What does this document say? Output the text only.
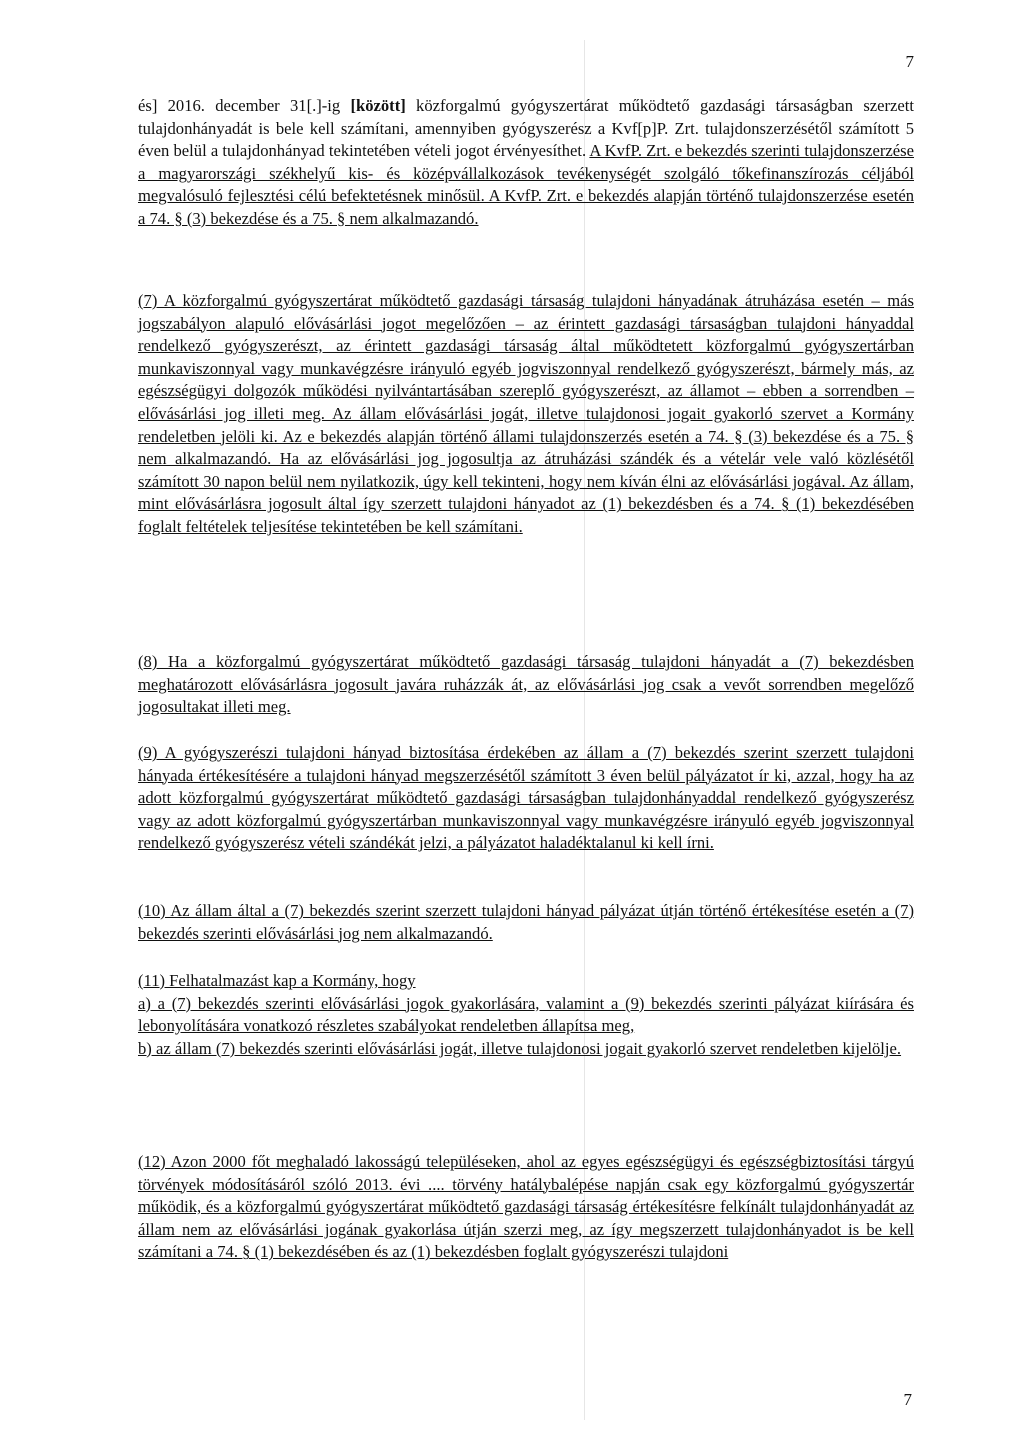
7

és] 2016. december 31[.]-ig [között] közforgalmú gyógyszertárat működtető gazdasági társaságban szerzett tulajdonhányadát is bele kell számítani, amennyiben gyógyszerész a Kvf[p]P. Zrt. tulajdonszerzésétől számított 5 éven belül a tulajdonhányad tekintetében vételi jogot érvényesíthet. A KvfP. Zrt. e bekezdés szerinti tulajdonszerzése a magyarországi székhelyű kis- és középvállalkozások tevékenységét szolgáló tőkefinanszírozás céljából megvalósuló fejlesztési célú befektetésnek minősül. A KvfP. Zrt. e bekezdés alapján történő tulajdonszerzése esetén a 74. § (3) bekezdése és a 75. § nem alkalmazandó.

(7) A közforgalmú gyógyszertárat működtető gazdasági társaság tulajdoni hányadának átruházása esetén – más jogszabályon alapuló elővásárlási jogot megelőzően – az érintett gazdasági társaságban tulajdoni hányaddal rendelkező gyógyszerészt, az érintett gazdasági társaság által működtetett közforgalmú gyógyszertárban munkaviszonnyal vagy munkavégzésre irányuló egyéb jogviszonnyal rendelkező gyógyszerészt, bármely más, az egészségügyi dolgozók működési nyilvántartásában szereplő gyógyszerészt, az államot – ebben a sorrendben – elővásárlási jog illeti meg. Az állam elővásárlási jogát, illetve tulajdonosi jogait gyakorló szervet a Kormány rendeletben jelöli ki. Az e bekezdés alapján történő állami tulajdonszerzés esetén a 74. § (3) bekezdése és a 75. § nem alkalmazandó. Ha az elővásárlási jog jogosultja az átruházási szándék és a vételár vele való közlésétől számított 30 napon belül nem nyilatkozik, úgy kell tekinteni, hogy nem kíván élni az elővásárlási jogával. Az állam, mint elővásárlásra jogosult által így szerzett tulajdoni hányadot az (1) bekezdésben és a 74. § (1) bekezdésében foglalt feltételek teljesítése tekintetében be kell számítani.

(8) Ha a közforgalmú gyógyszertárat működtető gazdasági társaság tulajdoni hányadát a (7) bekezdésben meghatározott elővásárlásra jogosult javára ruházzák át, az elővásárlási jog csak a vevőt sorrendben megelőző jogosultakat illeti meg.

(9) A gyógyszerészi tulajdoni hányad biztosítása érdekében az állam a (7) bekezdés szerint szerzett tulajdoni hányada értékesítésére a tulajdoni hányad megszerzésétől számított 3 éven belül pályázatot ír ki, azzal, hogy ha az adott közforgalmú gyógyszertárat működtető gazdasági társaságban tulajdonhányaddal rendelkező gyógyszerész vagy az adott közforgalmú gyógyszertárban munkaviszonnyal vagy munkavégzésre irányuló egyéb jogviszonnyal rendelkező gyógyszerész vételi szándékát jelzi, a pályázatot haladéktalanul ki kell írni.

(10) Az állam által a (7) bekezdés szerint szerzett tulajdoni hányad pályázat útján történő értékesítése esetén a (7) bekezdés szerinti elővásárlási jog nem alkalmazandó.

(11) Felhatalmazást kap a Kormány, hogy
a) a (7) bekezdés szerinti elővásárlási jogok gyakorlására, valamint a (9) bekezdés szerinti pályázat kiírására és lebonyolítására vonatkozó részletes szabályokat rendeletben állapítsa meg,
b) az állam (7) bekezdés szerinti elővásárlási jogát, illetve tulajdonosi jogait gyakorló szervet rendeletben kijelölje.

(12) Azon 2000 főt meghaladó lakosságú településeken, ahol az egyes egészségügyi és egészségbiztosítási tárgyú törvények módosításáról szóló 2013. évi .... törvény hatálybalépése napján csak egy közforgalmú gyógyszertár működik, és a közforgalmú gyógyszertárat működtető gazdasági társaság értékesítésre felkínált tulajdonhányadát az állam nem az elővásárlási jogának gyakorlása útján szerzi meg, az így megszerzett tulajdonhányadot is be kell számítani a 74. § (1) bekezdésében és az (1) bekezdésben foglalt gyógyszerészi tulajdoni

7
